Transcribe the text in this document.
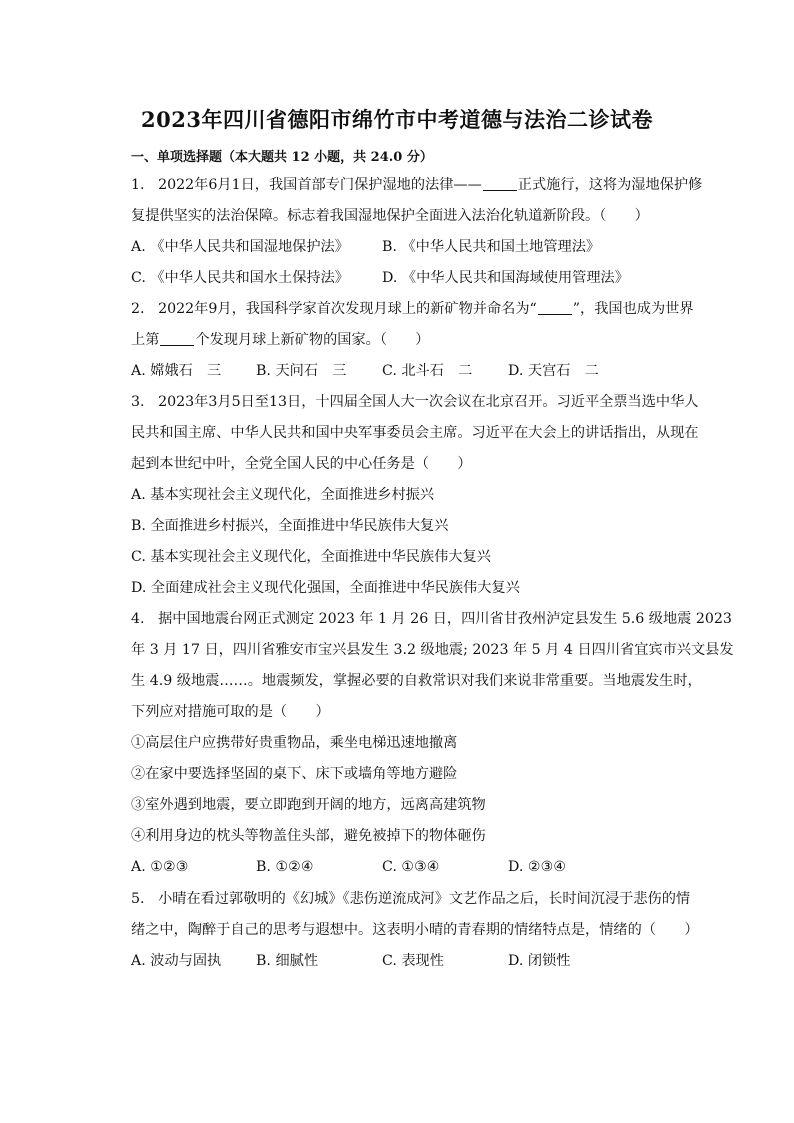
2023年四川省德阳市绵竹市中考道德与法治二诊试卷
一、单项选择题（本大题共 12 小题，共 24.0 分）
1.   2022年6月1日，我国首部专门保护湿地的法律——	正式施行，这将为湿地保护修
复提供坚实的法治保障。标志着我国湿地保护全面进入法治化轨道新阶段。（　　）
A. 《中华人民共和国湿地保护法》 B. 《中华人民共和国土地管理法》
C. 《中华人民共和国水土保持法》 D. 《中华人民共和国海域使用管理法》
2.   2022年9月，我国科学家首次发现月球上的新矿物并命名为“	”，我国也成为世界
上第	个发现月球上新矿物的国家。（　　）
A. 嫦娥石　三 B. 天问石　三	C. 北斗石　二	D. 天宫石　二
3.   2023年3月5日至13日，十四届全国人大一次会议在北京召开。习近平全票当选中华人
民共和国主席、中华人民共和国中央军事委员会主席。习近平在大会上的讲话指出，从现在
起到本世纪中叶，全党全国人民的中心任务是（　　）
A. 基本实现社会主义现代化，全面推进乡村振兴
B. 全面推进乡村振兴，全面推进中华民族伟大复兴
C. 基本实现社会主义现代化，全面推进中华民族伟大复兴
D. 全面建成社会主义现代化强国，全面推进中华民族伟大复兴
4.   据中国地震台网正式测定 2023 年 1 月 26 日，四川省甘孜州泸定县发生 5.6 级地震 2023
年 3 月 17 日，四川省雅安市宝兴县发生 3.2 级地震; 2023 年 5 月 4 日四川省宜宾市兴文县发
生 4.9 级地震……。地震频发，掌握必要的自救常识对我们来说非常重要。当地震发生时，
下列应对措施可取的是（　　）
①高层住户应携带好贵重物品，乘坐电梯迅速地撤离
②在家中要选择坚固的桌下、床下或墙角等地方避险
③室外遇到地震，要立即跑到开阔的地方，远离高建筑物
④利用身边的枕头等物盖住头部，避免被掉下的物体砸伤
A. ①②③	B. ①②④	C. ①③④	D. ②③④
5.   小晴在看过郭敬明的《幻城》《悲伤逆流成河》文艺作品之后，长时间沉浸于悲伤的情
绪之中，陶醉于自己的思考与遐想中。这表明小晴的青春期的情绪特点是，情绪的（　　）
A. 波动与固执 B. 细腻性	C. 表现性	D. 闭锁性
